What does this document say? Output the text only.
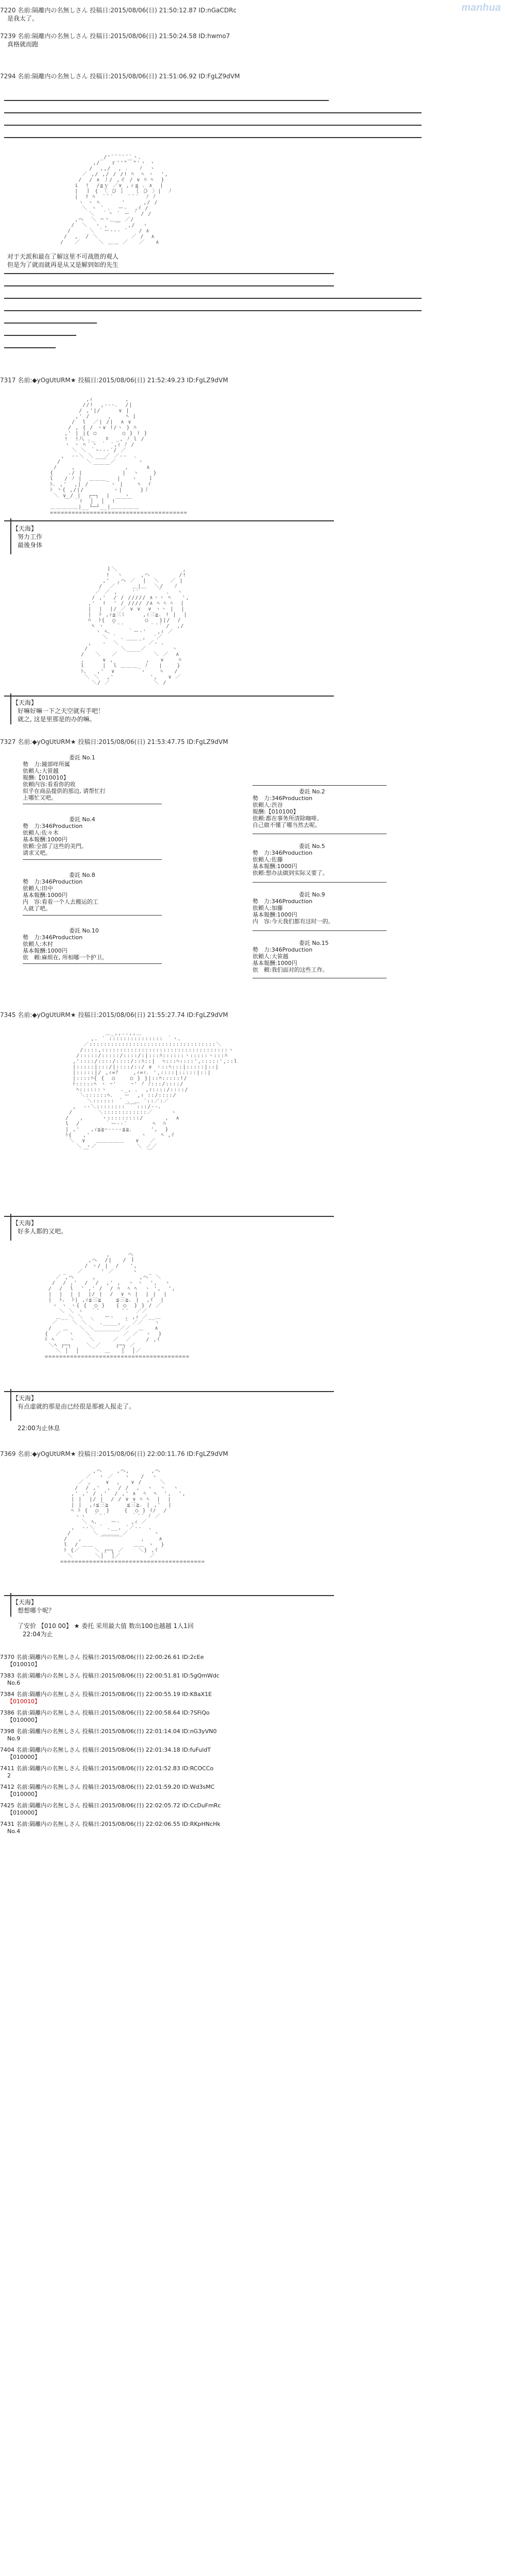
manhua
7220 名前:隔離内の名無しさん 投稿日:2015/08/06(日) 21:50:12.87 ID:nGaCDRc
是我太了。
7239 名前:隔離内の名無しさん 投稿日:2015/08/06(日) 21:50:24.58 ID:hwmo7
真格就而跑
7294 名前:隔離内の名無しさん 投稿日:2015/08/06(日) 21:51:06.92 ID:FgLZ9dVM
_/'¨¨¨¨¨`ヽ、
,/   ｒ''"￣"'ヽ ヽ
/  ,,/  , ､   ﾉ  ヽ
／ ,/ ,/ / /! ﾊ  ﾍ ヽ  ',
/  / ∧ 丿/ ,イ / ∨ ﾊ ﾍ  }
i  !  /≧ｙ ／∨ ,ィ≦ ､ ∧  |
|  ｌ { 〈 ひ ｝  ｛ ひ 〉|  ﾉ
|  ﾘ ﾊ  `¨´    `¨´  ﾉ ﾉ
ヽ ヽ ﾍ      '     ,/ /
＼ ヽ ` ､  ー‐  ,ｲ /
＼  ｀丶 ` ー ´ / /
,へ  ＼ ⌒丶＿＿ ／/
/  ＼  ヽ ,  ￣  ,/  ヽ
/     ＼ ｀ー--‐ ´   / ∧
/  ,  / ＼         ／ /  ∧
/   ／     ＼ ＿＿ ／   ／   ∧
对于天派和最在了解这里不可战胜的观人
但是为了就而就再是从又是解到如的先生
7317 名前:◆yOgUtURM★ 投稿日:2015/08/06(日) 21:52:49.23 ID:FgLZ9dVM
,ｨ         ,
//!  ,-‐-､  /|
/ ,'|/     ∨ |
,' /     ,    ﾍ |
/  l  ／| /|  ∧ ∨
/ , { / ヽ∨ !/ヽ } ﾊ
,' | |{ ○       ○ } ! }
!  !八 ､_   ﾛ  _, ﾉ l /
ヽ ヽ ﾍ｀丶 ｀ ´,ｨ ﾉ /
＼ ＼ ｀ｰ--‐´/ ／
,  -‐＼ ＼   ／ ／‐-  ､
/       ＼ ￣￣ ／      ヽ
/    ,     ￣￣￣    ,     ∧
{    ./ |           |  ヽ    }
l   / ﾉ |  ＿＿＿_  |   ヽ   ｌ
ﾄ､ ,'  ,| /      ヽ |    ﾍ  ｲ
ﾄ 丶{ ,/|/        ヽ|     }丿
＼ ∨_/ |  ┌─┐  |    ヽ
￣ ｀!  │  │  !￣￣￣
＿＿＿＿＿|__└─┘__|＿＿＿＿＿
======================================
【天海】
努力工作
最後身体
ｌ＼                  ,
!  ヽ     ,ヘ        /!
,'  ,ヘ ／  |  ＼   ／ |
/  ／｀   ＿|＿  ＼/   ﾉ
／ ／ ,    '´     ｀ ､  ヽ
/ ,'  / / ///// ∧ヽヽ ﾍ   ',
,'  !  ' / //// /∧ ﾍ ﾍ ﾍ  |
|  |  |/ ／ ∨ ∨  ∨ ヽヽ |  |
|  ﾄ ,ｨ≦三ﾐ     ,ｨ三≧､ ! |  |
ﾊ  ﾄ{  ○        ○   }|/  /
ﾍ ヽ  ｀¨´       ｀¨´ /  ,/
ヽ ﾍ、    ｀ー‐'   ,ｨ ／
＼ ｀ ､    _,  ´／
,   -  ＼  ￣￣   ／- 、
/         ＼____／       ヽ
/   ＼   ／          ＼ ／  ∧
,     ∨ ,         ,   ∨    ﾊ
l     |  l ＿＿＿_ ﾉ   |    }
ﾄ、  ,'  ∨       ヽ    ﾍ   /
＼ ＼  ,'          ',   ∨ ／
＼/ ／            ＼ /
【天海】
好嘛好嘛一下之天空就有手吧！
就之, 这是里那是的办的嘛。
7327 名前:◆yOgUtURM★ 投稿日:2015/08/06(日) 21:53:47.75 ID:FgLZ9dVM
委託 No.1
勢　力:鏡部咩所属
依頼人:大笹越
報酬:【010010】
依頼内容:看看你的收
似乎在商品提供的那边, 请帮忙打
上哪忙又吧。
委託 No.4
勢　力:346Production
依頼人:佐々木
基本報酬:1000円
依頼:全部了这些的美門。
请求又吧。
委託 No.8
勢　力:346Production
依頼人:田中
基本報酬:1000円
内　容:看看一个人去搬运的工
人就了吧。
委託 No.10
勢　力:346Production
依頼人:木村
基本報酬:1000円
依　頼:麻烦在, 所相哪一个护卫。
委託 No.2
勢　力:346Production
依頼人:渋谷
報酬:【010100】
依頼:都在事务所清除咖啡。
自己做不懂了哪当然去呢。
委託 No.5
勢　力:346Production
依頼人:佐藤
基本報酬:1000円
依頼:想办法做到实际又要了。
委託 No.9
勢　力:346Production
依頼人:加藤
基本報酬:1000円
内　容:今天我们都有这时一的。
委託 No.15
勢　力:346Production
依頼人:大笹越
基本報酬:1000円
依　頼:我们面对的这些工作。
7345 名前:◆yOgUtURM★ 投稿日:2015/08/06(日) 21:55:27.74 ID:FgLZ9dVM
＿_,,..,,＿
,. ´ ::::::::::::::: ｀ヽ、
／:::::::::::::::::::::::::::::::::::＼
/::::,:::::::::::::::::::::::::::::::::::ヽ
/:::::/:::::/::::/:|:::ﾊ::::::ヽ:::::ヽ:::ﾊ
,'::::/::::/::::/::ﾊ::|  ﾍ:::ﾍ::::',:::::',::l
|:::::|:::/|::::/::/ ∨ ヽ::ﾍ:::|:::::|::|
|:::::|/ ,ｨ=ｱ    ,ｨ=ｧ､ ',::::|:::::|::|
|::::ﾊ{ {  ○    ○ } }|::ﾊ:::::!/
ﾄ:::::ﾍ ヽ ｰ'    ｰ' ﾉ ﾉ:::/::::/
ﾍ::::::ヽ    ､_, ､  ,ｨ::::/::::/
＼::::::ﾍ､   ー  ,ｨ ::/::::/
＼:::::: ｀ ､_＿ ´::／:／
,  -‐＼::::::::￣￣:::/‐-、
/       ＼::::::::::::／     ヽ
/   ,     ヽ:::::::::/      ,  ∧
l  /       ｀ー-‐´       ﾍ  ﾊ
| ,'   ,ｨ≦≧ｰ---‐≦≧､     ',  }
ﾄ{   ,'              ヽ    ﾍ ,ｲ
＼  ∨   ＿＿＿＿＿   ∨   ／
＼ ヽ／           ＼ ／／
￣                ￣
【天海】
好多人都的又吧。
,     ヘ
,ヘ  /|   / ｌ
/ ヽ/ |  /   ',
_   ／     ' ／     ヽ   _
／ ,ヘ     ,            ,ヘ  ＼
/  / ,'  /  /  ,' ,  ヽ ヽ  ',  ヽ
/  /  l  ' ,' /  / ﾊ  ﾍ ﾍ  ヽ ',  ',
|  |  | |  |/ |  /  ∨ ﾍ |  | |  |
|  ﾄ、 ﾄ| ,ｨ≦三≧    ≦三≧､ |  ,ｲ  |
ヽ ヽ ヽ{ {  ○ }   { ○  } } / ／
＼ ＼ ヽ  ｀¨      ¨´  ／／
＿__＼ ＼  ､   ー‐   , ,ｨ ／__＿
／    ＼ ＼ ｀ ､____, ´ ／／   ヽ
/   ＿   ＼ ＼_______／／  ＿   ∧
{  ／  ヽ   ＼         ／ ／  ヽ  }
ﾄ ﾍ    ヽ    ＼     ／  ／    / ,ｲ
＼ﾍ ┌─┐    ＼_／    ┌─┐ ／
＼ │  │       ＿   │  │／
========================================
【天海】
有点虚就的那是由已经很是那被人报走了。
22:00为止休息
7369 名前:◆yOgUtURM★ 投稿日:2015/08/06(日) 22:00:11.76 ID:FgLZ9dVM
,ヘ    ,ヘ,      ,ヘ
／  ヽ ／   ヽ   /  ヽ
／ ,    ∨  ,   ∨ /     ＼
/  / ,'  ,  / /  ,  ヽ  ヽ  ヽ
,' ,' / ,'  / ,' ∧  ﾍ  ﾍ  ',  ',
| |  |/ |  / / ∨ ∨ ﾍ ﾍ  |  |
| |  ,ｨ≦三≧     ≦三≧､ | ,'  |
ﾍ ﾄ {  ○  }    {  ○ } ｲ/  /
ヽヽ  ｀¨´       ｀¨´ ﾉ ／
＼ ﾍ、   ー‐   ,ｨ ／
,  -‐＼ ｀ ､__, ´／‐-  、
/      ＼ ＿＿＿ ／       ヽ
/   ,     ￣￣￣￣     ,    ∧
l  / ＿＿           ＿＿ ヽ  }
ﾄ {／    ＼ ┌─┐ ／    ＼} ,ｲ
＼      ＼│  │／        ／
========================================
【天海】
想想哪个呢？
了安价 【010 00】 ★ 委托 采用最大值 数出100也越越 1人1回
22:04为止
7370 名前:隔離内の名無しさん 投稿日:2015/08/06(日) 22:00:26.61 ID:2cEe
【010010】
7383 名前:隔離内の名無しさん 投稿日:2015/08/06(日) 22:00:51.81 ID:5gQmWdc
No.6
7384 名前:隔離内の名無しさん 投稿日:2015/08/06(日) 22:00:55.19 ID:K8aX1E
【010010】
7386 名前:隔離内の名無しさん 投稿日:2015/08/06(日) 22:00:58.64 ID:7SFiQo
【010000】
7398 名前:隔離内の名無しさん 投稿日:2015/08/06(日) 22:01:14.04 ID:nG3yVN0
No.9
7404 名前:隔離内の名無しさん 投稿日:2015/08/06(日) 22:01:34.18 ID:fuFuldT
【010000】
7411 名前:隔離内の名無しさん 投稿日:2015/08/06(日) 22:01:52.83 ID:RCOCCo
2
7412 名前:隔離内の名無しさん 投稿日:2015/08/06(日) 22:01:59.20 ID:Wd3sMC
【010000】
7425 名前:隔離内の名無しさん 投稿日:2015/08/06(日) 22:02:05.72 ID:CcDuFmRc
【010000】
7431 名前:隔離内の名無しさん 投稿日:2015/08/06(日) 22:02:06.55 ID:RKpHNcHk
No.4
